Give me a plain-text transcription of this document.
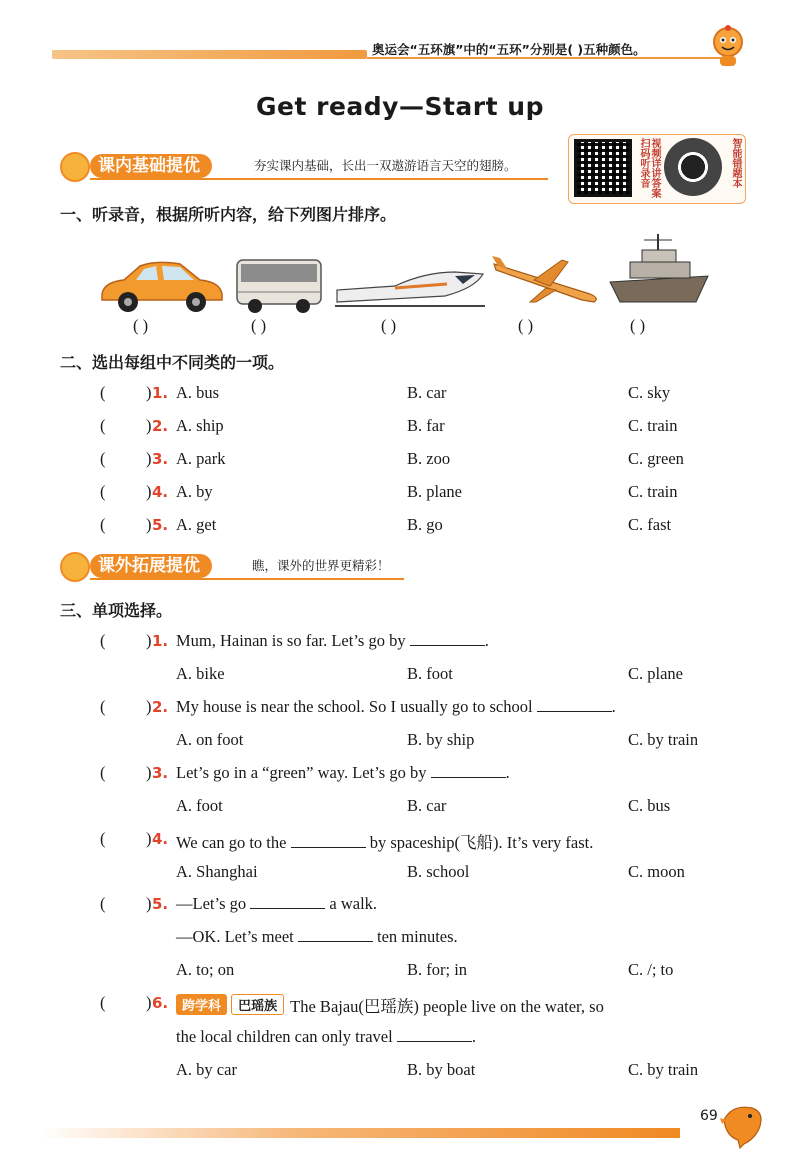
奥运会“五环旗”中的“五环”分别是( )五种颜色。
Get ready—Start up
课内基础提优	夯实课内基础，长出一双遨游语言天空的翅膀。	扫码听录音 视频详讲答案	智能错题本
一、听录音，根据所听内容，给下列图片排序。
( )	( )	( )	( )	( )
二、选出每组中不同类的一项。
( ) 1. A. bus	B. car	C. sky
( ) 2. A. ship	B. far	C. train
( ) 3. A. park	B. zoo	C. green
( ) 4. A. by	B. plane	C. train
( ) 5. A. get	B. go	C. fast
课外拓展提优	瞧，课外的世界更精彩！
三、单项选择。
( ) 1. Mum, Hainan is so far. Let’s go by	.
A. bike	B. foot	C. plane
( ) 2. My house is near the school. So I usually go to school	.
A. on foot	B. by ship	C. by train
( ) 3. Let’s go in a “green” way. Let’s go by	.
A. foot	B. car	C. bus
( ) 4. We can go to the	by spaceship(飞船). It’s very fast.
A. Shanghai	B. school	C. moon
( ) 5. —Let’s go	a walk.
—OK. Let’s meet	ten minutes.
A. to; on	B. for; in	C. /; to
( ) 6.	跨学科 巴瑶族 The Bajau(巴瑶族) people live on the water, so
the local children can only travel	.
A. by car	B. by boat	C. by train
69
